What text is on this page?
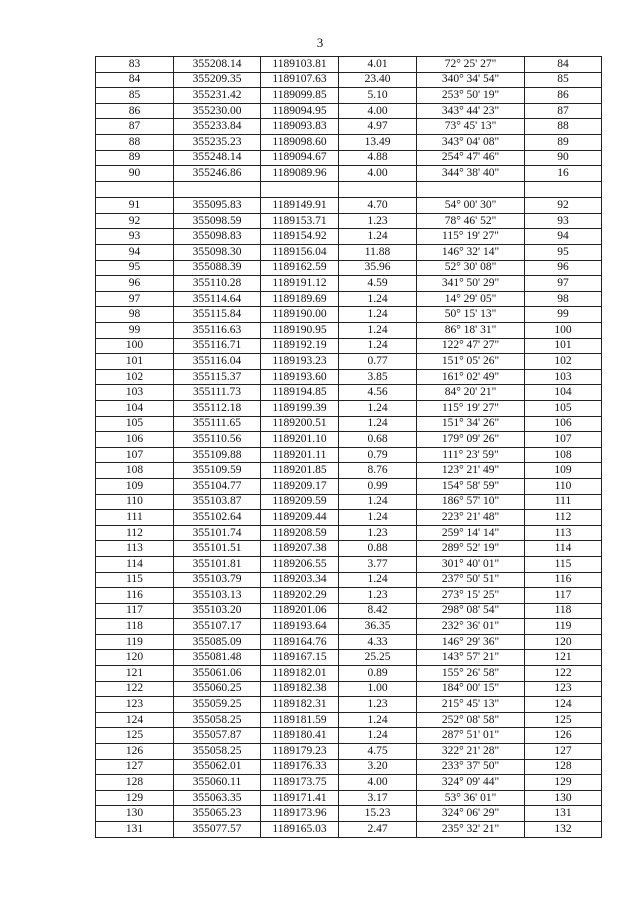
3
83	355208.14	1189103.81	4.01	72° 25' 27"	84
84	355209.35	1189107.63	23.40	340° 34' 54"	85
85	355231.42	1189099.85	5.10	253° 50' 19"	86
86	355230.00	1189094.95	4.00	343° 44' 23"	87
87	355233.84	1189093.83	4.97	73° 45' 13"	88
88	355235.23	1189098.60	13.49	343° 04' 08"	89
89	355248.14	1189094.67	4.88	254° 47' 46"	90
90	355246.86	1189089.96	4.00	344° 38' 40"	16

91	355095.83	1189149.91	4.70	54° 00' 30"	92
92	355098.59	1189153.71	1.23	78° 46' 52"	93
93	355098.83	1189154.92	1.24	115° 19' 27"	94
94	355098.30	1189156.04	11.88	146° 32' 14"	95
95	355088.39	1189162.59	35.96	52° 30' 08"	96
96	355110.28	1189191.12	4.59	341° 50' 29"	97
97	355114.64	1189189.69	1.24	14° 29' 05"	98
98	355115.84	1189190.00	1.24	50° 15' 13"	99
99	355116.63	1189190.95	1.24	86° 18' 31"	100
100	355116.71	1189192.19	1.24	122° 47' 27"	101
101	355116.04	1189193.23	0.77	151° 05' 26"	102
102	355115.37	1189193.60	3.85	161° 02' 49"	103
103	355111.73	1189194.85	4.56	84° 20' 21"	104
104	355112.18	1189199.39	1.24	115° 19' 27"	105
105	355111.65	1189200.51	1.24	151° 34' 26"	106
106	355110.56	1189201.10	0.68	179° 09' 26"	107
107	355109.88	1189201.11	0.79	111° 23' 59"	108
108	355109.59	1189201.85	8.76	123° 21' 49"	109
109	355104.77	1189209.17	0.99	154° 58' 59"	110
110	355103.87	1189209.59	1.24	186° 57' 10"	111
111	355102.64	1189209.44	1.24	223° 21' 48"	112
112	355101.74	1189208.59	1.23	259° 14' 14"	113
113	355101.51	1189207.38	0.88	289° 52' 19"	114
114	355101.81	1189206.55	3.77	301° 40' 01"	115
115	355103.79	1189203.34	1.24	237° 50' 51"	116
116	355103.13	1189202.29	1.23	273° 15' 25"	117
117	355103.20	1189201.06	8.42	298° 08' 54"	118
118	355107.17	1189193.64	36.35	232° 36' 01"	119
119	355085.09	1189164.76	4.33	146° 29' 36"	120
120	355081.48	1189167.15	25.25	143° 57' 21"	121
121	355061.06	1189182.01	0.89	155° 26' 58"	122
122	355060.25	1189182.38	1.00	184° 00' 15"	123
123	355059.25	1189182.31	1.23	215° 45' 13"	124
124	355058.25	1189181.59	1.24	252° 08' 58"	125
125	355057.87	1189180.41	1.24	287° 51' 01"	126
126	355058.25	1189179.23	4.75	322° 21' 28"	127
127	355062.01	1189176.33	3.20	233° 37' 50"	128
128	355060.11	1189173.75	4.00	324° 09' 44"	129
129	355063.35	1189171.41	3.17	53° 36' 01"	130
130	355065.23	1189173.96	15.23	324° 06' 29"	131
131	355077.57	1189165.03	2.47	235° 32' 21"	132
